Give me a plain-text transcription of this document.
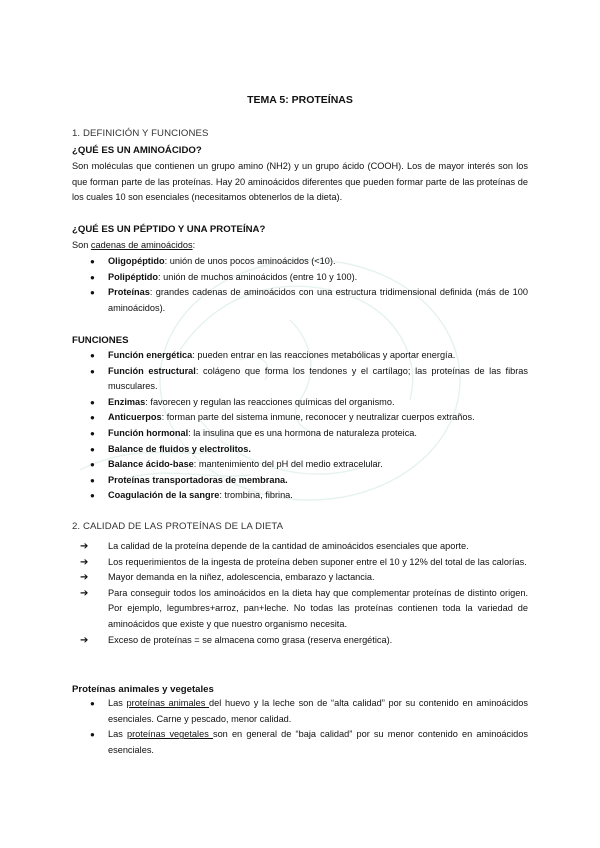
TEMA 5: PROTEÍNAS
1. DEFINICIÓN Y FUNCIONES
¿QUÉ ES UN AMINOÁCIDO?
Son moléculas que contienen un grupo amino (NH2) y un grupo ácido (COOH). Los de mayor interés son los que forman parte de las proteínas. Hay 20 aminoácidos diferentes que pueden formar parte de las proteínas de los cuales 10 son esenciales (necesitamos obtenerlos de la dieta).
¿QUÉ ES UN PÉPTIDO Y UNA PROTEÍNA?
Son cadenas de aminoácidos:
● Oligopéptido: unión de unos pocos aminoácidos (<10).
● Polipéptido: unión de muchos aminoácidos (entre 10 y 100).
● Proteínas: grandes cadenas de aminoácidos con una estructura tridimensional definida (más de 100 aminoácidos).
FUNCIONES
● Función energética: pueden entrar en las reacciones metabólicas y aportar energía.
● Función estructural: colágeno que forma los tendones y el cartílago; las proteínas de las fibras musculares.
● Enzimas: favorecen y regulan las reacciones químicas del organismo.
● Anticuerpos: forman parte del sistema inmune, reconocer y neutralizar cuerpos extraños.
● Función hormonal: la insulina que es una hormona de naturaleza proteica.
● Balance de fluidos y electrolitos.
● Balance ácido-base: mantenimiento del pH del medio extracelular.
● Proteínas transportadoras de membrana.
● Coagulación de la sangre: trombina, fibrina.
2. CALIDAD DE LAS PROTEÍNAS DE LA DIETA
➔ La calidad de la proteína depende de la cantidad de aminoácidos esenciales que aporte.
➔ Los requerimientos de la ingesta de proteína deben suponer entre el 10 y 12% del total de las calorías.
➔ Mayor demanda en la niñez, adolescencia, embarazo y lactancia.
➔ Para conseguir todos los aminoácidos en la dieta hay que complementar proteínas de distinto origen. Por ejemplo, legumbres+arroz, pan+leche. No todas las proteínas contienen toda la variedad de aminoácidos que existe y que nuestro organismo necesita.
➔ Exceso de proteínas = se almacena como grasa (reserva energética).
Proteínas animales y vegetales
● Las proteínas animales del huevo y la leche son de “alta calidad” por su contenido en aminoácidos esenciales. Carne y pescado, menor calidad.
● Las proteínas vegetales son en general de “baja calidad” por su menor contenido en aminoácidos esenciales.
